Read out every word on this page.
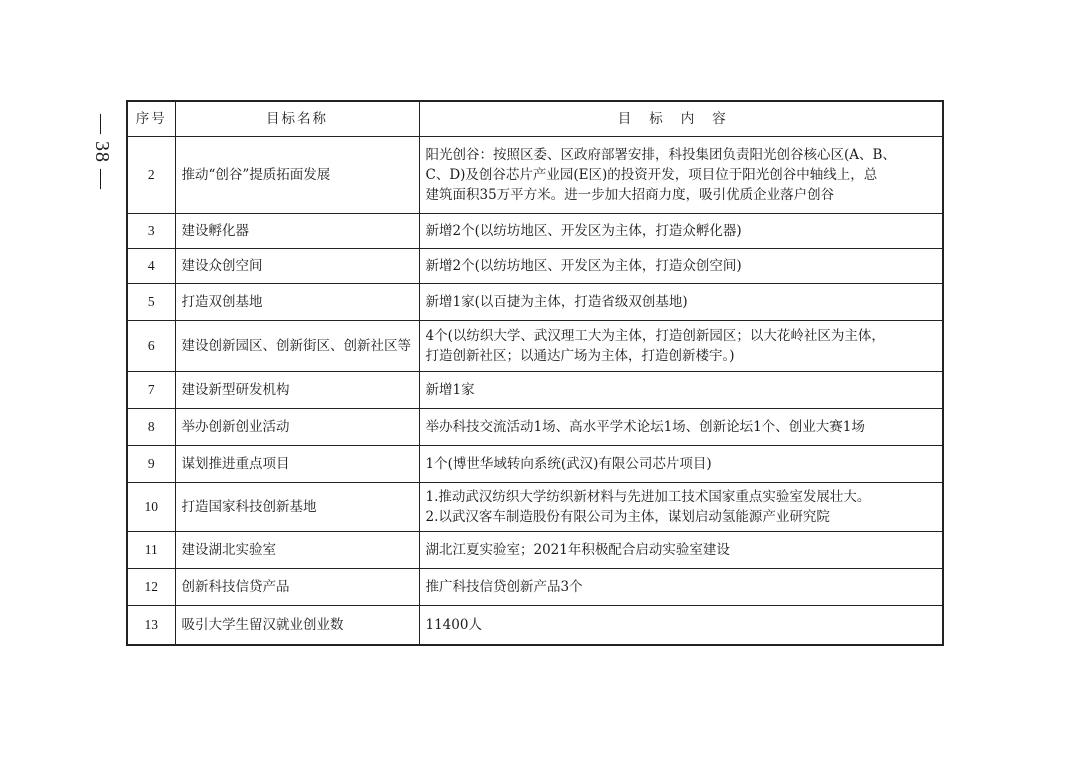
— 38 —	序号	目标名称	目标内容
2	推动“创谷”提质拓面发展	阳光创谷：按照区委、区政府部署安排，科投集团负责阳光创谷核心区(A、B、
C、D)及创谷芯片产业园(E区)的投资开发，项目位于阳光创谷中轴线上，总
建筑面积35万平方米。进一步加大招商力度，吸引优质企业落户创谷

3	建设孵化器	新增2个(以纺坊地区、开发区为主体，打造众孵化器)

4	建设众创空间	新增2个(以纺坊地区、开发区为主体，打造众创空间)

5	打造双创基地	新增1家(以百捷为主体，打造省级双创基地)

6	建设创新园区、创新街区、创新社区等	4个(以纺织大学、武汉理工大为主体，打造创新园区；以大花岭社区为主体，
打造创新社区；以通达广场为主体，打造创新楼宇。)

7	建设新型研发机构	新增1家

8	举办创新创业活动	举办科技交流活动1场、高水平学术论坛1场、创新论坛1个、创业大赛1场

9	谋划推进重点项目	1个(博世华域转向系统(武汉)有限公司芯片项目)

10	打造国家科技创新基地	1.推动武汉纺织大学纺织新材料与先进加工技术国家重点实验室发展壮大。
2.以武汉客车制造股份有限公司为主体，谋划启动氢能源产业研究院

11	建设湖北实验室	湖北江夏实验室；2021年积极配合启动实验室建设

12	创新科技信贷产品	推广科技信贷创新产品3个

13	吸引大学生留汉就业创业数	11400人
